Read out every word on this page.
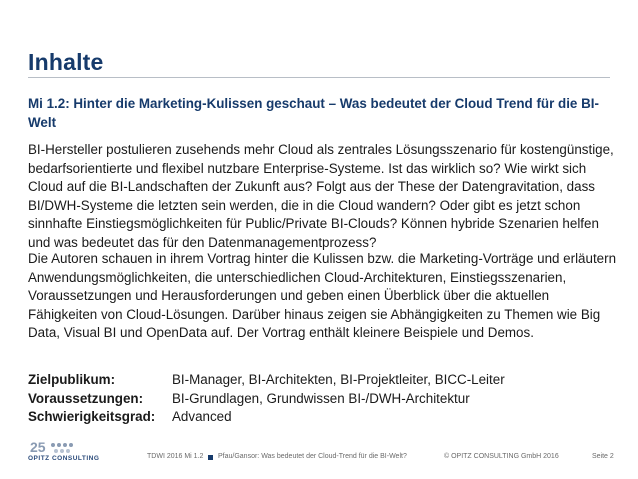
Inhalte
Mi 1.2: Hinter die Marketing-Kulissen geschaut – Was bedeutet der Cloud Trend für die BI-Welt
BI-Hersteller postulieren zusehends mehr Cloud als zentrales Lösungsszenario für kostengünstige, bedarfsorientierte und flexibel nutzbare Enterprise-Systeme. Ist das wirklich so? Wie wirkt sich Cloud auf die BI-Landschaften der Zukunft aus? Folgt aus der These der Datengravitation, dass BI/DWH-Systeme die letzten sein werden, die in die Cloud wandern? Oder gibt es jetzt schon sinnhafte Einstiegsmöglichkeiten für Public/Private BI-Clouds? Können hybride Szenarien helfen und was bedeutet das für den Datenmanagementprozess?
Die Autoren schauen in ihrem Vortrag hinter die Kulissen bzw. die Marketing-Vorträge und erläutern Anwendungsmöglichkeiten, die unterschiedlichen Cloud-Architekturen, Einstiegsszenarien, Voraussetzungen und Herausforderungen und geben einen Überblick über die aktuellen Fähigkeiten von Cloud-Lösungen. Darüber hinaus zeigen sie Abhängigkeiten zu Themen wie Big Data, Visual BI und OpenData auf. Der Vortrag enthält kleinere Beispiele und Demos.
Zielpublikum:	BI-Manager, BI-Architekten, BI-Projektleiter, BICC-Leiter
Voraussetzungen:	BI-Grundlagen, Grundwissen BI-/DWH-Architektur
Schwierigkeitsgrad:	Advanced
25
OPITZ CONSULTING	TDWI 2016 Mi 1.2 Pfau/Gansor: Was bedeutet der Cloud-Trend für die BI-Welt?	© OPITZ CONSULTING GmbH 2016	Seite 2
